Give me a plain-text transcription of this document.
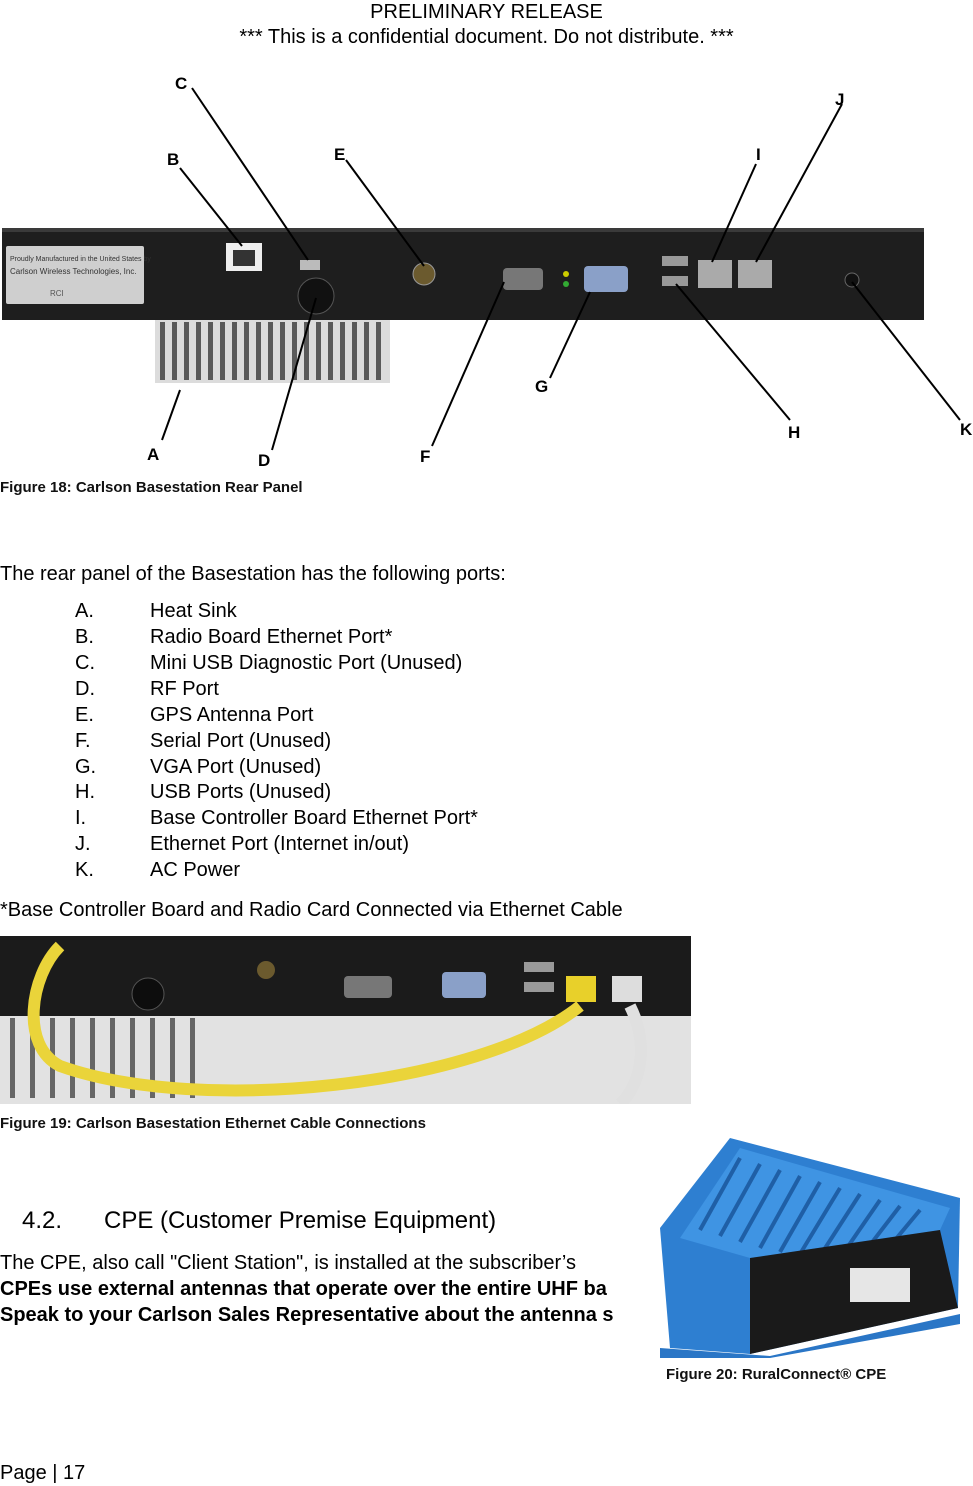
PRELIMINARY RELEASE
*** This is a confidential document. Do not distribute. ***
Proudly Manufactured in the United States by
Carlson Wireless Technologies, Inc.
RCI
A
B
C
D
E
F
G
H
I
J
K
Figure 18: Carlson Basestation Rear Panel
The rear panel of the Basestation has the following ports:
A.	Heat Sink
B.	Radio Board Ethernet Port*
C.	Mini USB Diagnostic Port (Unused)
D.	RF Port
E.	GPS Antenna Port
F.	Serial Port (Unused)
G.	VGA Port (Unused)
H.	USB Ports (Unused)
I.	Base Controller Board Ethernet Port*
J.	Ethernet Port (Internet in/out)
K.	AC Power
*Base Controller Board and Radio Card Connected via Ethernet Cable
Figure 19: Carlson Basestation Ethernet Cable Connections
4.2. CPE (Customer Premise Equipment)
The CPE, also call "Client Station", is installed at the subscriber’s
CPEs use external antennas that operate over the entire UHF ba
Speak to your Carlson Sales Representative about the antenna s
Figure 20: RuralConnect® CPE
Page | 17
